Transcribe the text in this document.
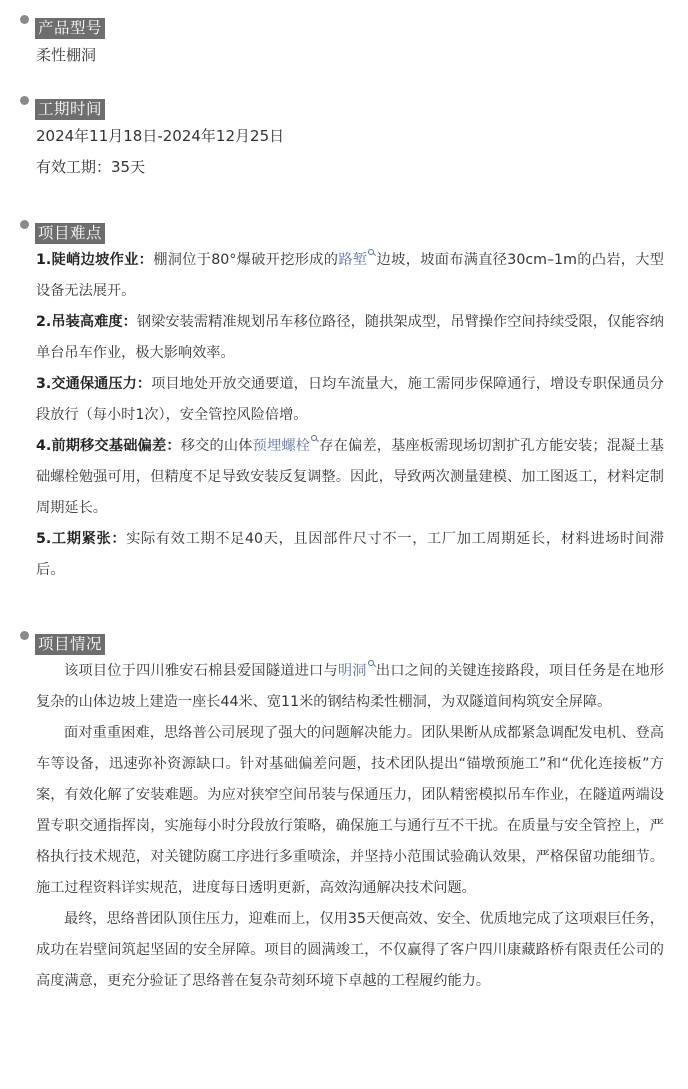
产品型号

柔性棚洞

工期时间

2024年11月18日-2024年12月25日

有效工期：35天

项目难点

1.陡峭边坡作业：棚洞位于80°爆破开挖形成的路堑 边坡，坡面布满直径30cm–1m的凸岩，大型设备无法展开。

2.吊装高难度：钢梁安装需精准规划吊车移位路径，随拱架成型，吊臂操作空间持续受限，仅能容纳单台吊车作业，极大影响效率。

3.交通保通压力：项目地处开放交通要道，日均车流量大，施工需同步保障通行，增设专职保通员分段放行（每小时1次），安全管控风险倍增。

4.前期移交基础偏差：移交的山体预埋螺栓 存在偏差，基座板需现场切割扩孔方能安装；混凝土基础螺栓勉强可用，但精度不足导致安装反复调整。因此，导致两次测量建模、加工图返工，材料定制周期延长。

5.工期紧张：实际有效工期不足40天，且因部件尺寸不一，工厂加工周期延长，材料进场时间滞后。

项目情况

该项目位于四川雅安石棉县爱国隧道进口与明洞 出口之间的关键连接路段，项目任务是在地形复杂的山体边坡上建造一座长44米、宽11米的钢结构柔性棚洞，为双隧道间构筑安全屏障。

面对重重困难，思络普公司展现了强大的问题解决能力。团队果断从成都紧急调配发电机、登高车等设备，迅速弥补资源缺口。针对基础偏差问题，技术团队提出“锚墩预施工”和“优化连接板”方案，有效化解了安装难题。为应对狭窄空间吊装与保通压力，团队精密模拟吊车作业，在隧道两端设置专职交通指挥岗，实施每小时分段放行策略，确保施工与通行互不干扰。在质量与安全管控上，严格执行技术规范，对关键防腐工序进行多重喷涂，并坚持小范围试验确认效果，严格保留功能细节。施工过程资料详实规范，进度每日透明更新，高效沟通解决技术问题。

最终，思络普团队顶住压力，迎难而上，仅用35天便高效、安全、优质地完成了这项艰巨任务，成功在岩壁间筑起坚固的安全屏障。项目的圆满竣工，不仅赢得了客户四川康藏路桥有限责任公司的高度满意，更充分验证了思络普在复杂苛刻环境下卓越的工程履约能力。
